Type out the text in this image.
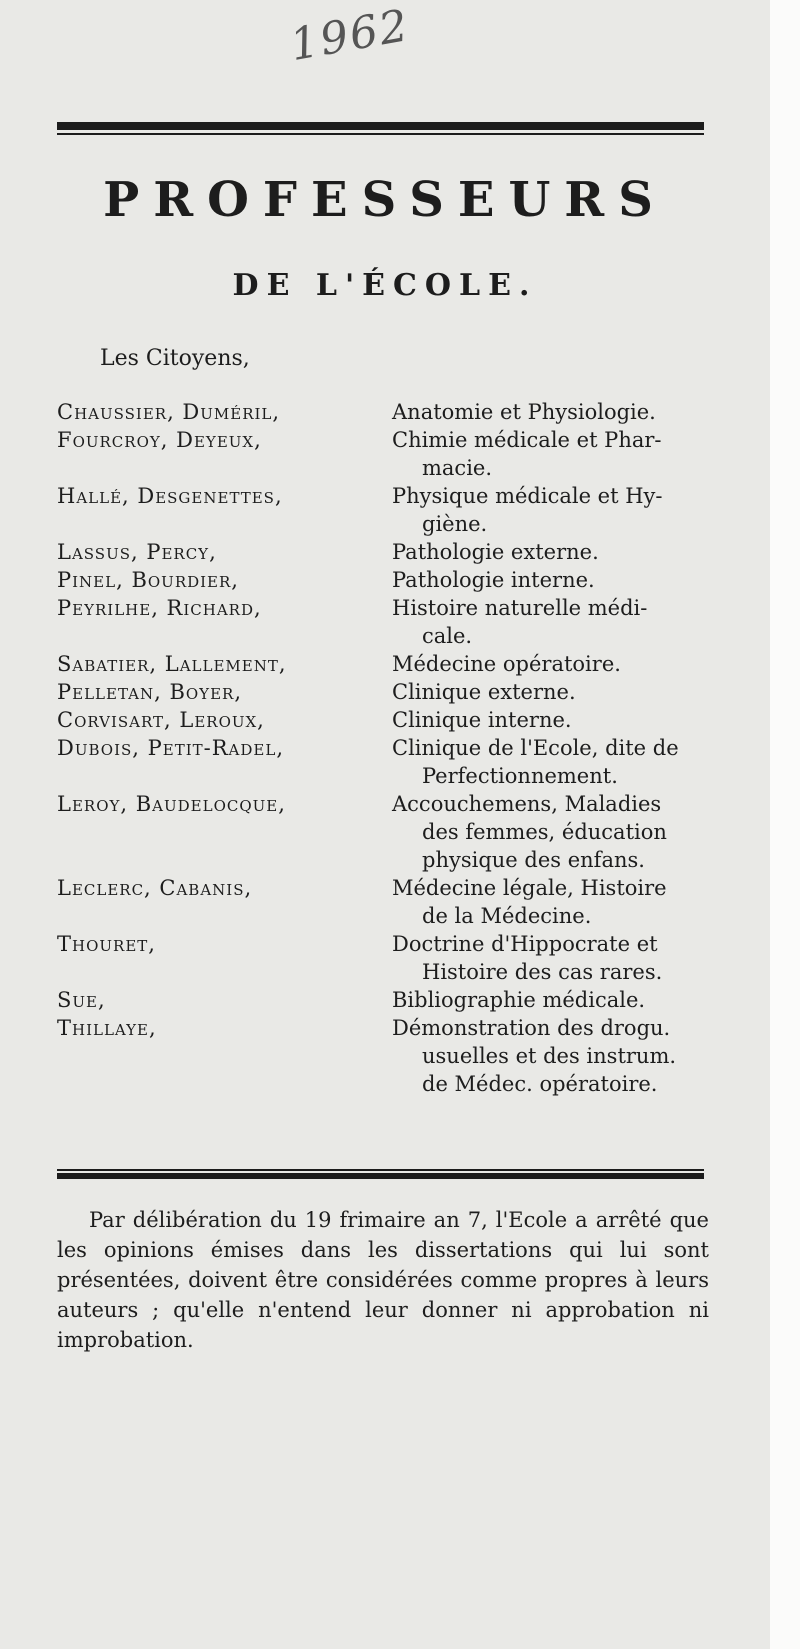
1962
PROFESSEURS
DE L'ÉCOLE.

Les Citoyens,

Chaussier, Duméril,	Anatomie et Physiologie.
Fourcroy, Deyeux,	Chimie médicale et Phar-
macie.
Hallé, Desgenettes,	Physique médicale et Hy-
giène.
Lassus, Percy,	Pathologie externe.
Pinel, Bourdier,	Pathologie interne.
Peyrilhe, Richard,	Histoire naturelle médi-
cale.
Sabatier, Lallement,	Médecine opératoire.
Pelletan, Boyer,	Clinique externe.
Corvisart, Leroux,	Clinique interne.
Dubois, Petit-Radel,	Clinique de l'Ecole, dite de
Perfectionnement.
Leroy, Baudelocque,	Accouchemens, Maladies
des femmes, éducation
physique des enfans.
Leclerc, Cabanis,	Médecine légale, Histoire
de la Médecine.
Thouret,	Doctrine d'Hippocrate et
Histoire des cas rares.
Sue,	Bibliographie médicale.
Thillaye,	Démonstration des drogu.
usuelles et des instrum.
de Médec. opératoire.

Par délibération du 19 frimaire an 7, l'Ecole a arrêté que les opinions émises dans les dissertations qui lui sont présentées, doivent être considérées comme propres à leurs auteurs ; qu'elle n'entend leur donner ni approbation ni improbation.
